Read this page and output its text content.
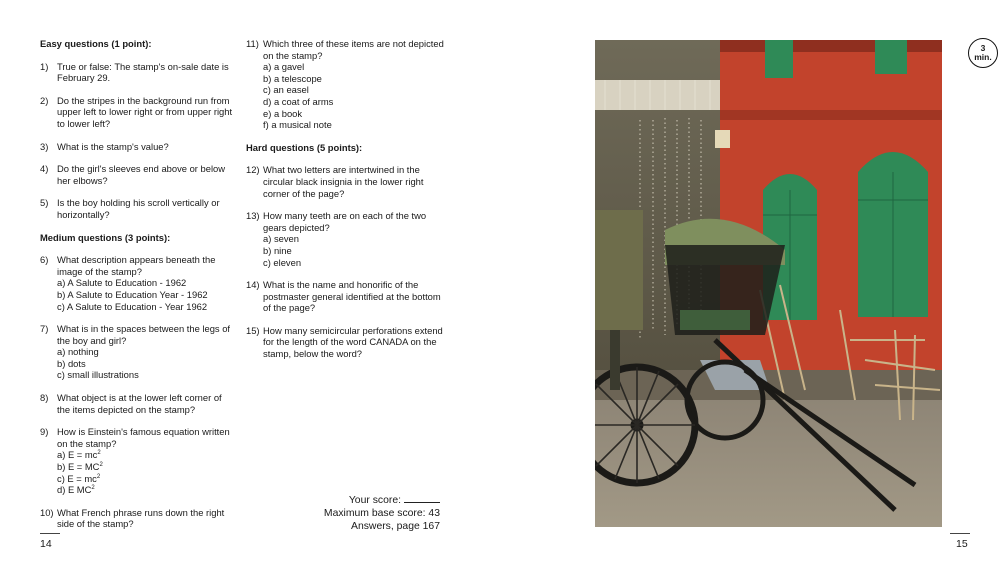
Easy questions (1 point):
1) True or false: The stamp's on-sale date is February 29.
2) Do the stripes in the background run from upper left to lower right or from upper right to lower left?
3) What is the stamp's value?
4) Do the girl's sleeves end above or below her elbows?
5) Is the boy holding his scroll vertically or horizontally?
Medium questions (3 points):
6) What description appears beneath the image of the stamp?
a) A Salute to Education - 1962
b) A Salute to Education Year - 1962
c) A Salute to Education - Year 1962
7) What is in the spaces between the legs of the boy and girl?
a) nothing
b) dots
c) small illustrations
8) What object is at the lower left corner of the items depicted on the stamp?
9) How is Einstein's famous equation written on the stamp?
a) $E = mc^2$
b) $E = MC^2$
c) $E = mc^2$
d) E $MC^2$
10) What French phrase runs down the right side of the stamp?
11) Which three of these items are not depicted on the stamp?
a) a gavel
b) a telescope
c) an easel
d) a coat of arms
e) a book
f) a musical note
Hard questions (5 points):
12) What two letters are intertwined in the circular black insignia in the lower right corner of the page?
13) How many teeth are on each of the two gears depicted?
a) seven
b) nine
c) eleven
14) What is the name and honorific of the postmaster general identified at the bottom of the page?
15) How many semicircular perforations extend for the length of the word CANADA on the stamp, below the word?
Your score:
Maximum base score: 43
Answers, page 167
14	15
3
min.
